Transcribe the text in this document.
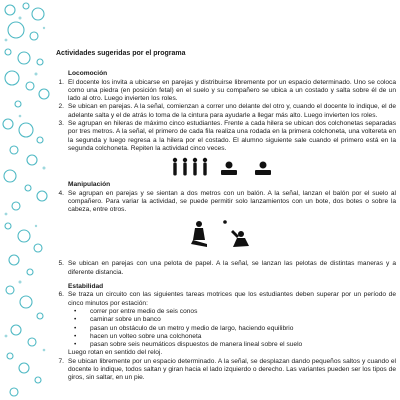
Actividades sugeridas por el programa
Locomoción
1. El docente los invita a ubicarse en parejas y distribuirse libremente por un espacio determinado. Uno se coloca como una piedra (en posición fetal) en el suelo y su compañero se ubica a un costado y salta sobre él de un lado al otro. Luego invierten los roles.
2. Se ubican en parejas. A la señal, comienzan a correr uno delante del otro y, cuando el docente lo indique, el de adelante salta y el de atrás lo toma de la cintura para ayudarle a llegar más alto. Luego invierten los roles.
3. Se agrupan en hileras de máximo cinco estudiantes. Frente a cada hilera se ubican dos colchonetas separadas por tres metros. A la señal, el primero de cada fila realiza una rodada en la primera colchoneta, una voltereta en la segunda y luego regresa a la hilera por el costado. El alumno siguiente sale cuando el primero está en la segunda colchoneta. Repiten la actividad cinco veces.
Manipulación
4. Se agrupan en parejas y se sientan a dos metros con un balón. A la señal, lanzan el balón por el suelo al compañero. Para variar la actividad, se puede permitir solo lanzamientos con un bote, dos botes o sobre la cabeza, entre otros.
5. Se ubican en parejas con una pelota de papel. A la señal, se lanzan las pelotas de distintas maneras y a diferente distancia.
Estabilidad
6. Se traza un circuito con las siguientes tareas motrices que los estudiantes deben superar por un período de cinco minutos por estación:
• correr por entre medio de seis conos
• caminar sobre un banco
• pasan un obstáculo de un metro y medio de largo, haciendo equilibrio
• hacen un volteo sobre una colchoneta
• pasan sobre seis neumáticos dispuestos de manera lineal sobre el suelo
Luego rotan en sentido del reloj.
7. Se ubican libremente por un espacio determinado. A la señal, se desplazan dando pequeños saltos y cuando el docente lo indique, todos saltan y giran hacia el lado izquierdo o derecho. Las variantes pueden ser los tipos de giros, sin saltar, en un pie.
